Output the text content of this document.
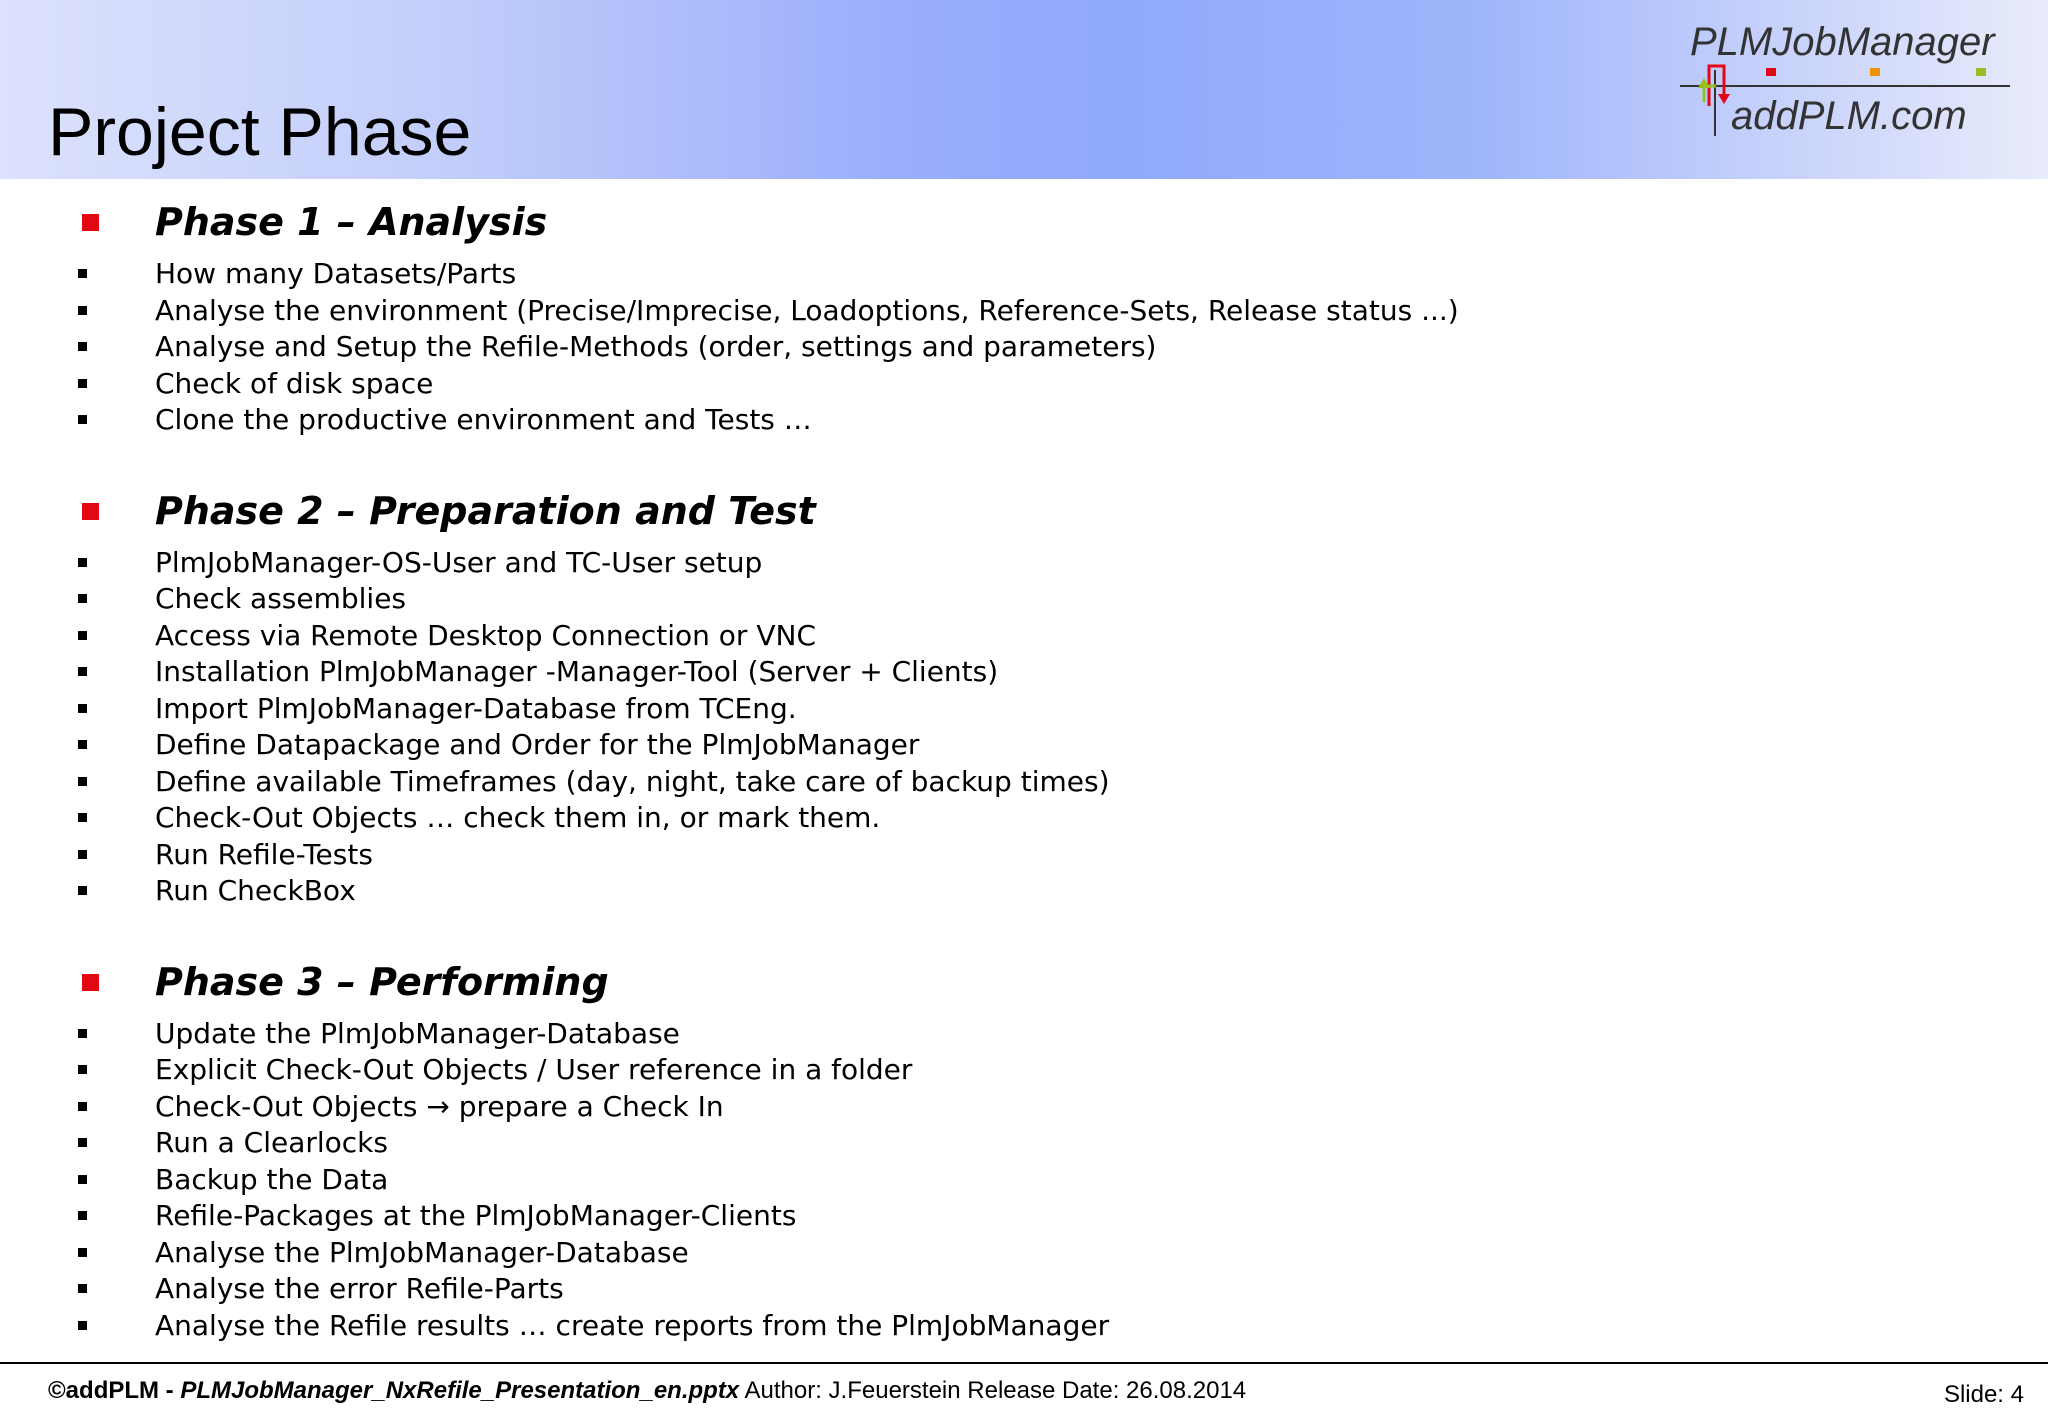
Project Phase
PLMJobManager
addPLM.com
Phase 1 – Analysis
How many Datasets/Parts
Analyse the environment (Precise/Imprecise, Loadoptions, Reference-Sets, Release status ...)
Analyse and Setup the Refile-Methods (order, settings and parameters)
Check of disk space
Clone the productive environment and Tests …
Phase 2 – Preparation and Test
PlmJobManager-OS-User and TC-User setup
Check assemblies
Access via Remote Desktop Connection or VNC
Installation PlmJobManager -Manager-Tool (Server + Clients)
Import PlmJobManager-Database from TCEng.
Define Datapackage and Order for the PlmJobManager
Define available Timeframes (day, night, take care of backup times)
Check-Out Objects … check them in, or mark them.
Run Refile-Tests
Run CheckBox
Phase 3 – Performing
Update the PlmJobManager-Database
Explicit Check-Out Objects / User reference in a folder
Check-Out Objects → prepare a Check In
Run a Clearlocks
Backup the Data
Refile-Packages at the PlmJobManager-Clients
Analyse the PlmJobManager-Database
Analyse the error Refile-Parts
Analyse the Refile results … create reports from the PlmJobManager
©addPLM - PLMJobManager_NxRefile_Presentation_en.pptx Author: J.Feuerstein Release Date: 26.08.2014	Slide: 4
